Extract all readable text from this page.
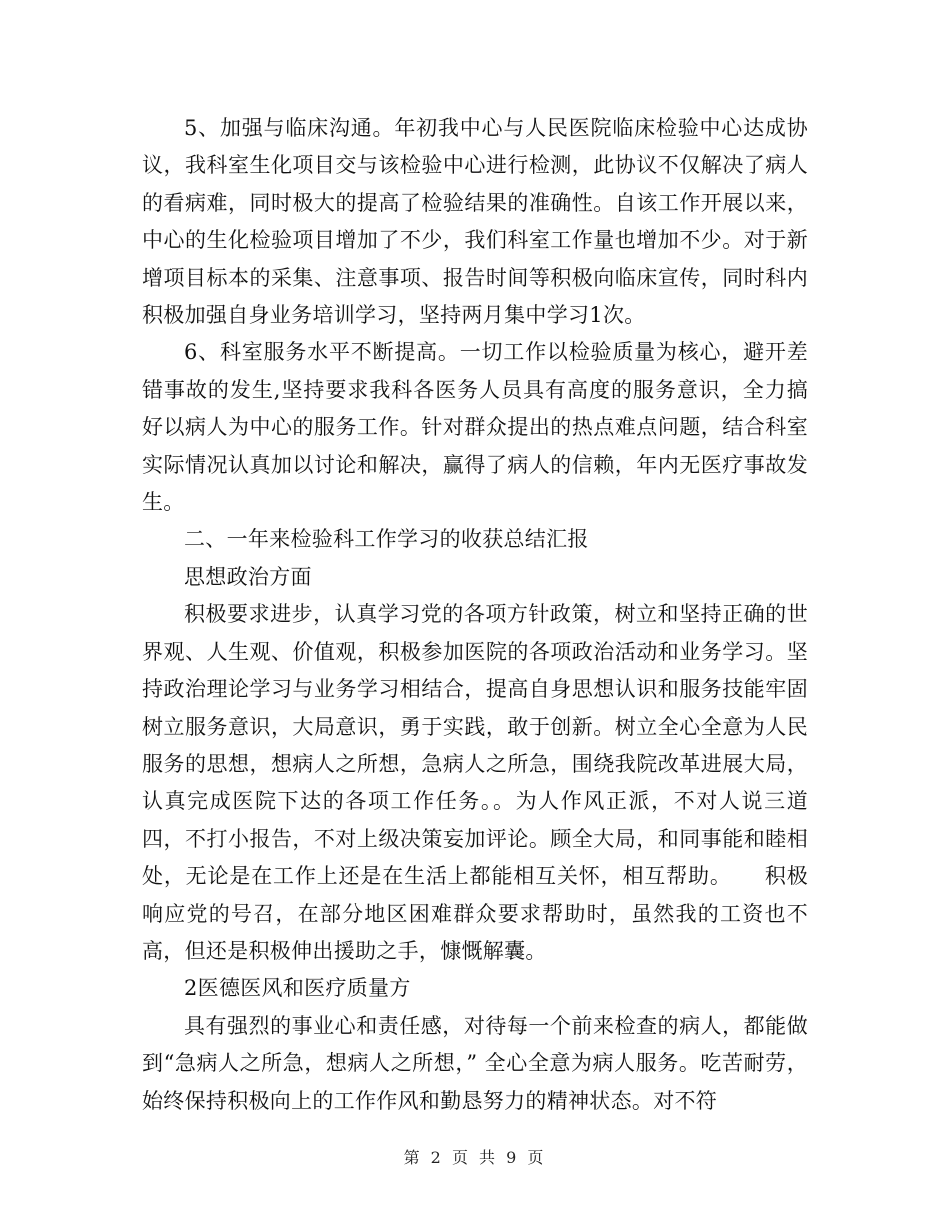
5、加强与临床沟通。年初我中心与人民医院临床检验中心达成协议，我科室生化项目交与该检验中心进行检测，此协议不仅解决了病人的看病难，同时极大的提高了检验结果的准确性。自该工作开展以来，中心的生化检验项目增加了不少，我们科室工作量也增加不少。对于新增项目标本的采集、注意事项、报告时间等积极向临床宣传，同时科内积极加强自身业务培训学习，坚持两月集中学习1次。

6、科室服务水平不断提高。一切工作以检验质量为核心，避开差错事故的发生,坚持要求我科各医务人员具有高度的服务意识，全力搞好以病人为中心的服务工作。针对群众提出的热点难点问题，结合科室实际情况认真加以讨论和解决，赢得了病人的信赖，年内无医疗事故发生。

二、一年来检验科工作学习的收获总结汇报

思想政治方面

积极要求进步，认真学习党的各项方针政策，树立和坚持正确的世界观、人生观、价值观，积极参加医院的各项政治活动和业务学习。坚持政治理论学习与业务学习相结合，提高自身思想认识和服务技能牢固树立服务意识，大局意识，勇于实践，敢于创新。树立全心全意为人民服务的思想，想病人之所想，急病人之所急，围绕我院改革进展大局，认真完成医院下达的各项工作任务。。为人作风正派，不对人说三道四，不打小报告，不对上级决策妄加评论。顾全大局，和同事能和睦相处，无论是在工作上还是在生活上都能相互关怀，相互帮助。　　积极响应党的号召，在部分地区困难群众要求帮助时，虽然我的工资也不高，但还是积极伸出援助之手，慷慨解囊。

2医德医风和医疗质量方

具有强烈的事业心和责任感，对待每一个前来检查的病人，都能做到“急病人之所急，想病人之所想，” 全心全意为病人服务。吃苦耐劳，始终保持积极向上的工作作风和勤恳努力的精神状态。对不符

第 2 页 共 9 页
